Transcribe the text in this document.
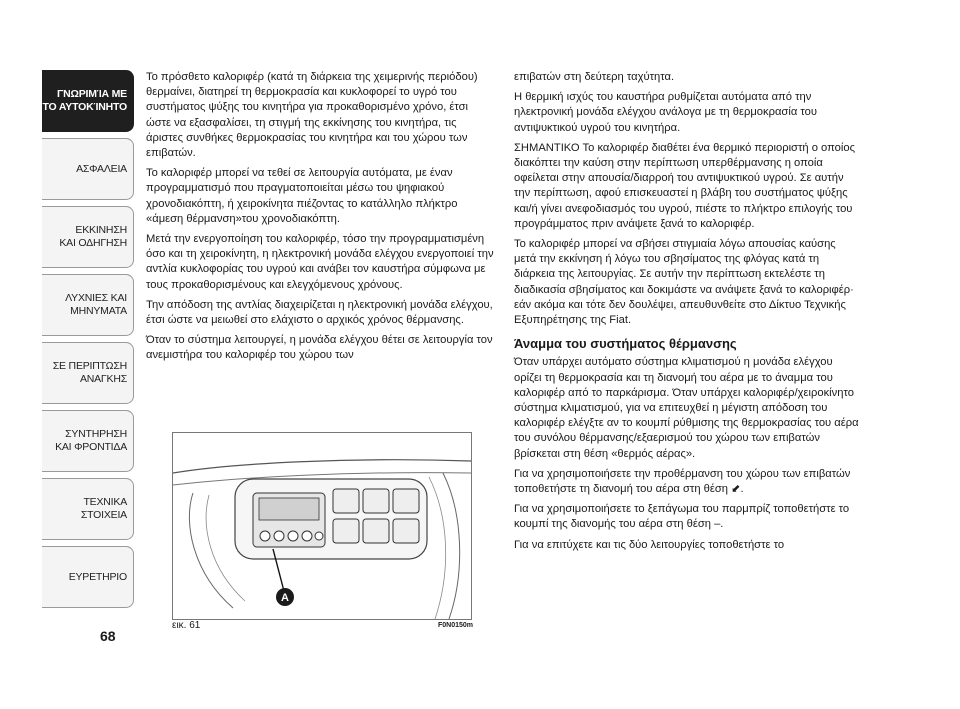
ΓΝΩΡΙΜΊΑ ΜΕ
ΤΟ ΑΥΤΟΚΊΝΗΤΟ
ΑΣΦΑΛΕΙΑ
ΕΚΚΙΝΗΣΗ
ΚΑΙ ΟΔΗΓΗΣΗ
ΛΥΧΝΙΕΣ ΚΑΙ
ΜΗΝΥΜΑΤΑ
ΣΕ ΠΕΡΙΠΤΩΣΗ
ΑΝΑΓΚΗΣ
ΣΥΝΤΗΡΗΣΗ
ΚΑΙ ΦΡΟΝΤΙΔΑ
ΤΕΧΝΙΚΑ
ΣΤΟΙΧΕΙΑ
ΕΥΡΕΤΗΡΙΟ
68

Το πρόσθετο καλοριφέρ (κατά τη διάρκεια της χειμερινής περιόδου) θερμαίνει, διατηρεί τη θερμοκρασία και κυκλοφορεί το υγρό του συστήματος ψύξης του κινητήρα για προκαθορισμένο χρόνο, έτσι ώστε να εξασφαλίσει, τη στιγμή της εκκίνησης του κινητήρα, τις άριστες συνθήκες θερμοκρασίας του κινητήρα και του χώρου των επιβατών.

Το καλοριφέρ μπορεί να τεθεί σε λειτουργία αυτόματα, με έναν προγραμματισμό που πραγματοποιείται μέσω του ψηφιακού χρονοδιακόπτη, ή χειροκίνητα πιέζοντας το κατάλληλο πλήκτρο «άμεση θέρμανση»του χρονοδιακόπτη.

Μετά την ενεργοποίηση του καλοριφέρ, τόσο την προγραμματισμένη όσο και τη χειροκίνητη, η ηλεκτρονική μονάδα ελέγχου ενεργοποιεί την αντλία κυκλοφορίας του υγρού και ανάβει τον καυστήρα σύμφωνα με τους προκαθορισμένους και ελεγχόμενους χρόνους.

Την απόδοση της αντλίας διαχειρίζεται η ηλεκτρονική μονάδα ελέγχου, έτσι ώστε να μειωθεί στο ελάχιστο ο αρχικός χρόνος θέρμανσης.

Όταν το σύστημα λειτουργεί, η μονάδα ελέγχου θέτει σε λειτουργία τον ανεμιστήρα του καλοριφέρ του χώρου των

A
εικ. 61	F0N0150m

επιβατών στη δεύτερη ταχύτητα.

Η θερμική ισχύς του καυστήρα ρυθμίζεται αυτόματα από την ηλεκτρονική μονάδα ελέγχου ανάλογα με τη θερμοκρασία του αντιψυκτικού υγρού του κινητήρα.

ΣΗΜΑΝΤΙΚΟ Το καλοριφέρ διαθέτει ένα θερμικό περιοριστή ο οποίος διακόπτει την καύση στην περίπτωση υπερθέρμανσης η οποία οφείλεται στην απουσία/διαρροή του αντιψυκτικού υγρού. Σε αυτήν την περίπτωση, αφού επισκευαστεί η βλάβη του συστήματος ψύξης και/ή γίνει ανεφοδιασμός του υγρού, πιέστε το πλήκτρο επιλογής του προγράμματος πριν ανάψετε ξανά το καλοριφέρ.

Το καλοριφέρ μπορεί να σβήσει στιγμιαία λόγω απουσίας καύσης μετά την εκκίνηση ή λόγω του σβησίματος της φλόγας κατά τη διάρκεια της λειτουργίας. Σε αυτήν την περίπτωση εκτελέστε τη διαδικασία σβησίματος και δοκιμάστε να ανάψετε ξανά το καλοριφέρ· εάν ακόμα και τότε δεν δουλέψει, απευθυνθείτε στο Δίκτυο Τεχνικής Εξυπηρέτησης της Fiat.

Άναμμα του συστήματος θέρμανσης

Όταν υπάρχει αυτόματο σύστημα κλιματισμού η μονάδα ελέγχου ορίζει τη θερμοκρασία και τη διανομή του αέρα με το άναμμα του καλοριφέρ από το παρκάρισμα. Όταν υπάρχει καλοριφέρ/χειροκίνητο σύστημα κλιματισμού, για να επιτευχθεί η μέγιστη απόδοση του καλοριφέρ ελέγξτε αν το κουμπί ρύθμισης της θερμοκρασίας του αέρα του συνόλου θέρμανσης/εξαερισμού του χώρου των επιβατών βρίσκεται στη θέση «θερμός αέρας».

Για να χρησιμοποιήσετε την προθέρμανση του χώρου των επιβατών τοποθετήστε τη διανομή του αέρα στη θέση ⬋.

Για να χρησιμοποιήσετε το ξεπάγωμα του παρμπρίζ τοποθετήστε το κουμπί της διανομής του αέρα στη θέση –.

Για να επιτύχετε και τις δύο λειτουργίες τοποθετήστε το
